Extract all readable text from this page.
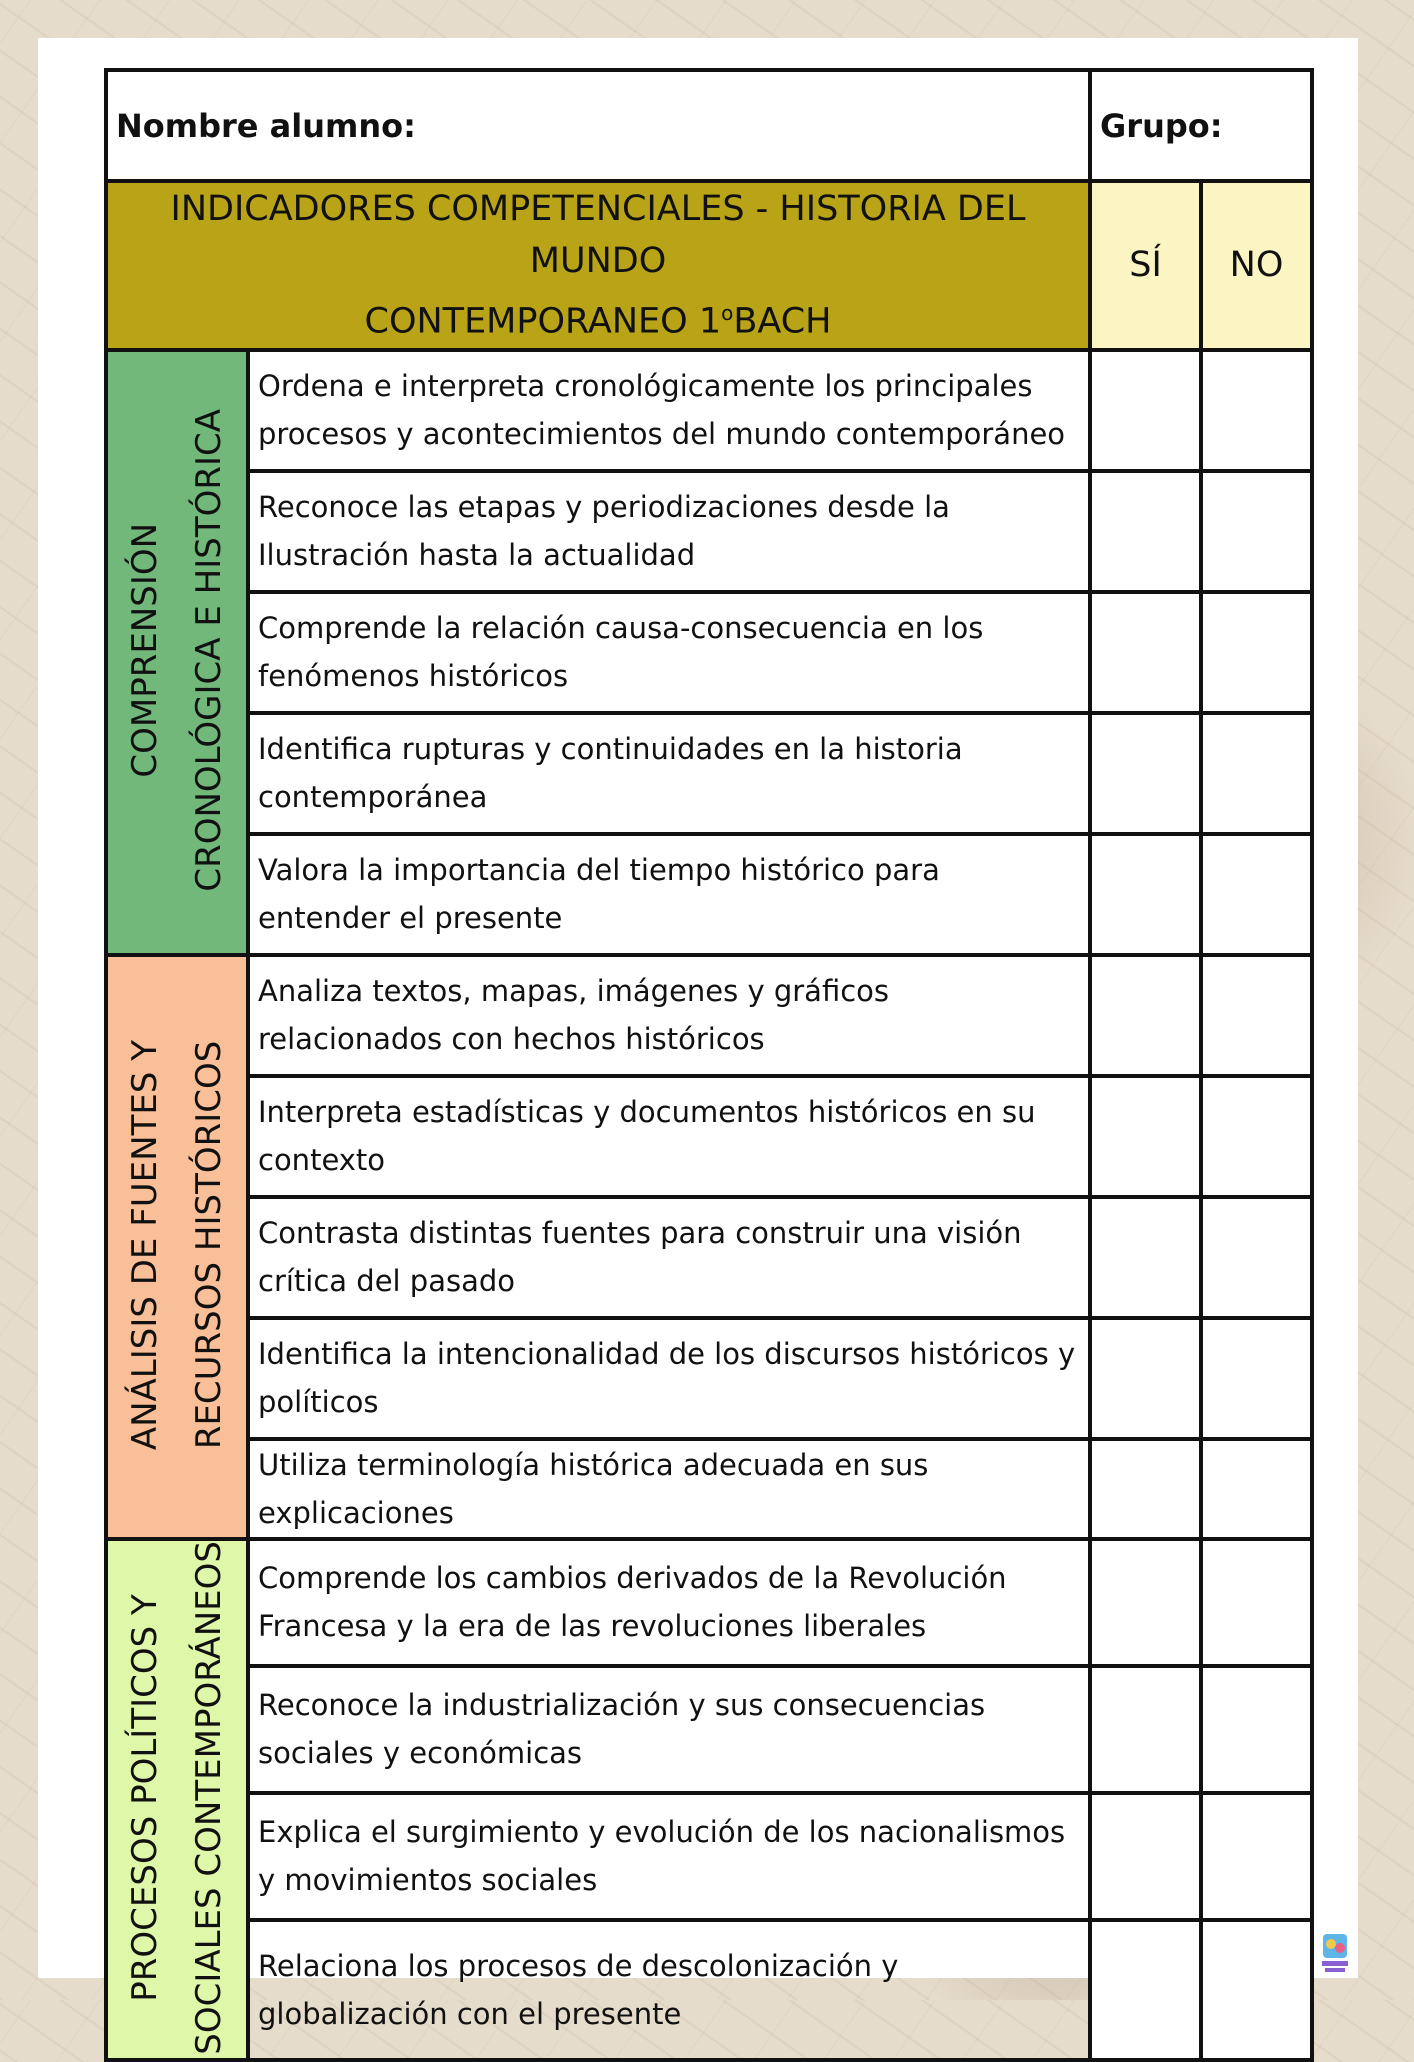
Nombre alumno:		Grupo:	

INDICADORES COMPETENCIALES - HISTORIA DEL MUNDO
CONTEMPORANEO 1$^o$BACH		SÍ	NO
COMPRENSIÓN CRONOLÓGICA E HISTÓRICA	Ordena e interpreta cronológicamente los principales procesos y acontecimientos del mundo contemporáneo		
	Reconoce las etapas y periodizaciones desde la Ilustración hasta la actualidad		
	Comprende la relación causa-consecuencia en los fenómenos históricos		
	Identifica rupturas y continuidades en la historia contemporánea		
	Valora la importancia del tiempo histórico para entender el presente		
ANÁLISIS DE FUENTES Y RECURSOS HISTÓRICOS	Analiza textos, mapas, imágenes y gráficos relacionados con hechos históricos		
	Interpreta estadísticas y documentos históricos en su contexto		
	Contrasta distintas fuentes para construir una visión crítica del pasado		
	Identifica la intencionalidad de los discursos históricos y políticos		
	Utiliza terminología histórica adecuada en sus explicaciones		
PROCESOS POLÍTICOS Y SOCIALES CONTEMPORÁNEOS	Comprende los cambios derivados de la Revolución Francesa y la era de las revoluciones liberales		
	Reconoce la industrialización y sus consecuencias sociales y económicas		
	Explica el surgimiento y evolución de los nacionalismos y movimientos sociales		
	Relaciona los procesos de descolonización y globalización con el presente		
